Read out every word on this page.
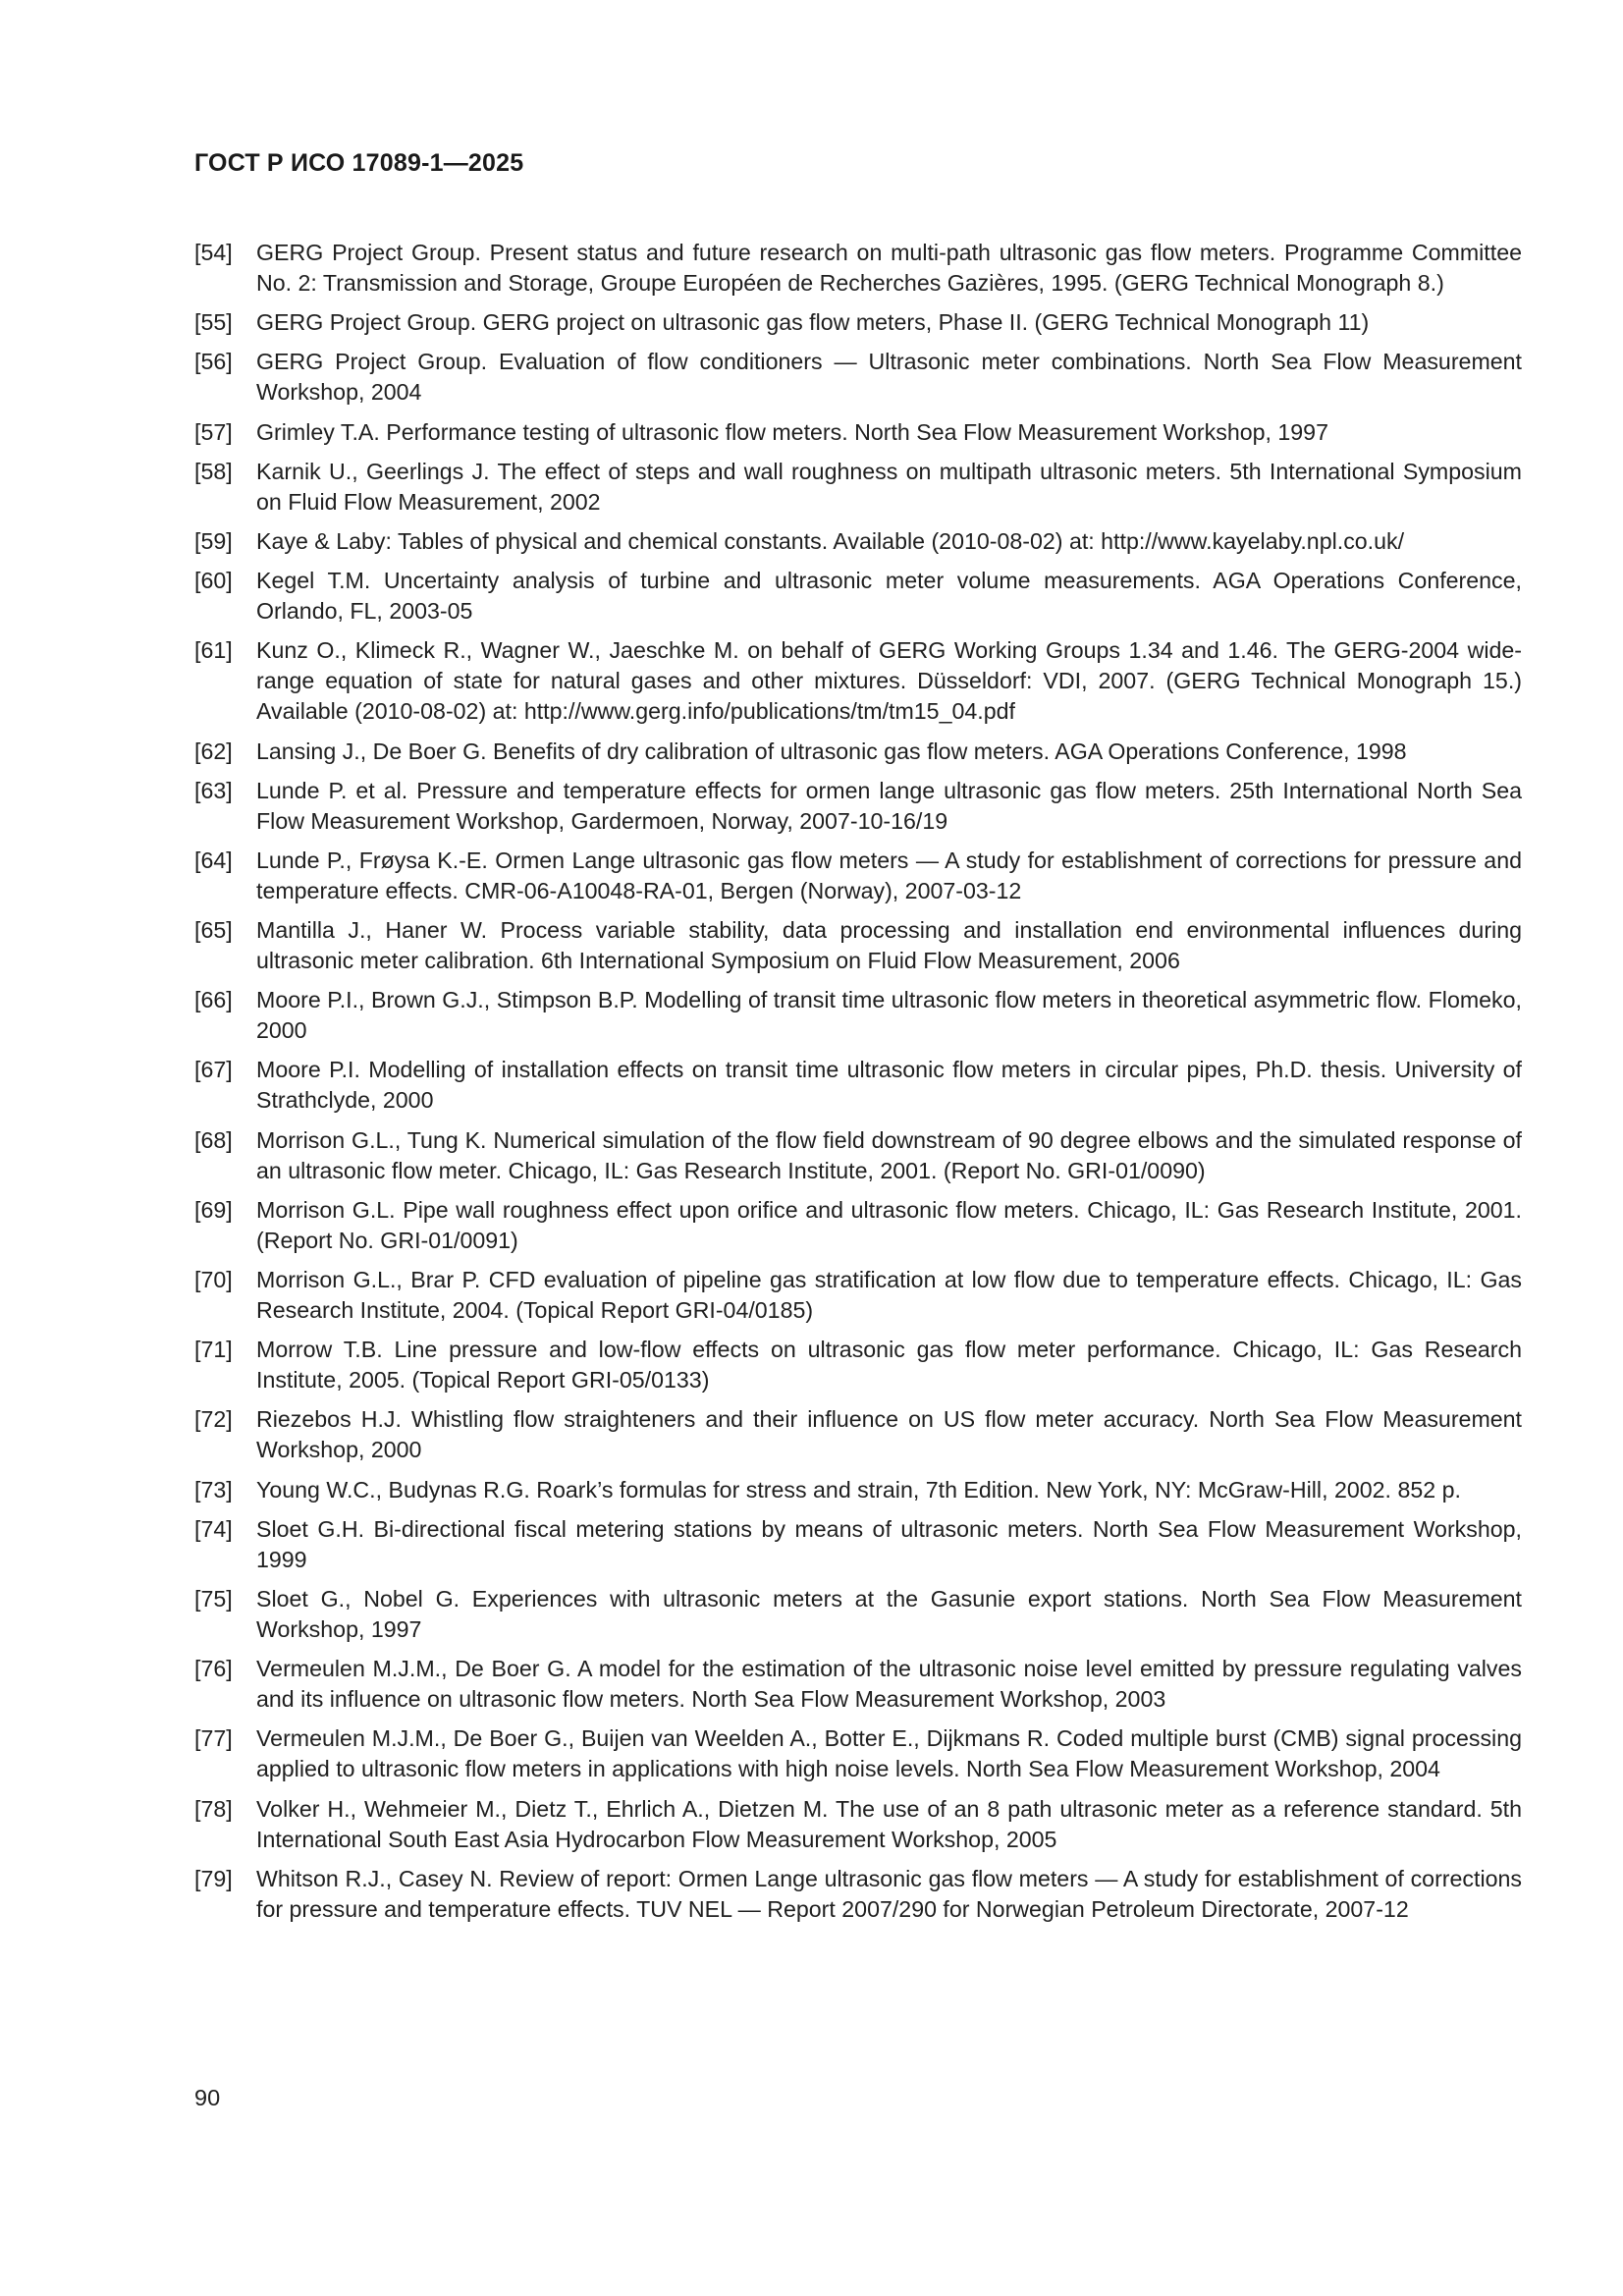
ГОСТ Р ИСО 17089-1—2025
[54]	GERG Project Group. Present status and future research on multi-path ultrasonic gas flow meters. Programme Committee No. 2: Transmission and Storage, Groupe Européen de Recherches Gazières, 1995. (GERG Technical Monograph 8.)
[55]	GERG Project Group. GERG project on ultrasonic gas flow meters, Phase II. (GERG Technical Monograph 11)
[56]	GERG Project Group. Evaluation of flow conditioners — Ultrasonic meter combinations. North Sea Flow Measurement Workshop, 2004
[57]	Grimley T.A. Performance testing of ultrasonic flow meters. North Sea Flow Measurement Workshop, 1997
[58]	Karnik U., Geerlings J. The effect of steps and wall roughness on multipath ultrasonic meters. 5th International Symposium on Fluid Flow Measurement, 2002
[59]	Kaye & Laby: Tables of physical and chemical constants. Available (2010-08-02) at: http://www.kayelaby.npl.co.uk/
[60]	Kegel T.M. Uncertainty analysis of turbine and ultrasonic meter volume measurements. AGA Operations Conference, Orlando, FL, 2003-05
[61]	Kunz O., Klimeck R., Wagner W., Jaeschke M. on behalf of GERG Working Groups 1.34 and 1.46. The GERG-2004 wide-range equation of state for natural gases and other mixtures. Düsseldorf: VDI, 2007. (GERG Technical Monograph 15.) Available (2010-08-02) at: http://www.gerg.info/publications/tm/tm15_04.pdf
[62]	Lansing J., De Boer G. Benefits of dry calibration of ultrasonic gas flow meters. AGA Operations Conference, 1998
[63]	Lunde P. et al. Pressure and temperature effects for ormen lange ultrasonic gas flow meters. 25th International North Sea Flow Measurement Workshop, Gardermoen, Norway, 2007-10-16/19
[64]	Lunde P., Frøysa K.-E. Ormen Lange ultrasonic gas flow meters — A study for establishment of corrections for pressure and temperature effects. CMR-06-A10048-RA-01, Bergen (Norway), 2007-03-12
[65]	Mantilla J., Haner W. Process variable stability, data processing and installation end environmental influences during ultrasonic meter calibration. 6th International Symposium on Fluid Flow Measurement, 2006
[66]	Moore P.I., Brown G.J., Stimpson B.P. Modelling of transit time ultrasonic flow meters in theoretical asymmetric flow. Flomeko, 2000
[67]	Moore P.I. Modelling of installation effects on transit time ultrasonic flow meters in circular pipes, Ph.D. thesis. University of Strathclyde, 2000
[68]	Morrison G.L., Tung K. Numerical simulation of the flow field downstream of 90 degree elbows and the simulated response of an ultrasonic flow meter. Chicago, IL: Gas Research Institute, 2001. (Report No. GRI-01/0090)
[69]	Morrison G.L. Pipe wall roughness effect upon orifice and ultrasonic flow meters. Chicago, IL: Gas Research Institute, 2001. (Report No. GRI-01/0091)
[70]	Morrison G.L., Brar P. CFD evaluation of pipeline gas stratification at low flow due to temperature effects. Chicago, IL: Gas Research Institute, 2004. (Topical Report GRI-04/0185)
[71]	Morrow T.B. Line pressure and low-flow effects on ultrasonic gas flow meter performance. Chicago, IL: Gas Research Institute, 2005. (Topical Report GRI-05/0133)
[72]	Riezebos H.J. Whistling flow straighteners and their influence on US flow meter accuracy. North Sea Flow Measurement Workshop, 2000
[73]	Young W.C., Budynas R.G. Roark’s formulas for stress and strain, 7th Edition. New York, NY: McGraw-Hill, 2002. 852 p.
[74]	Sloet G.H. Bi-directional fiscal metering stations by means of ultrasonic meters. North Sea Flow Measurement Workshop, 1999
[75]	Sloet G., Nobel G. Experiences with ultrasonic meters at the Gasunie export stations. North Sea Flow Measurement Workshop, 1997
[76]	Vermeulen M.J.M., De Boer G. A model for the estimation of the ultrasonic noise level emitted by pressure regulating valves and its influence on ultrasonic flow meters. North Sea Flow Measurement Workshop, 2003
[77]	Vermeulen M.J.M., De Boer G., Buijen van Weelden A., Botter E., Dijkmans R. Coded multiple burst (CMB) signal processing applied to ultrasonic flow meters in applications with high noise levels. North Sea Flow Measurement Workshop, 2004
[78]	Volker H., Wehmeier M., Dietz T., Ehrlich A., Dietzen M. The use of an 8 path ultrasonic meter as a reference standard. 5th International South East Asia Hydrocarbon Flow Measurement Workshop, 2005
[79]	Whitson R.J., Casey N. Review of report: Ormen Lange ultrasonic gas flow meters — A study for establishment of corrections for pressure and temperature effects. TUV NEL — Report 2007/290 for Norwegian Petroleum Directorate, 2007-12

90
